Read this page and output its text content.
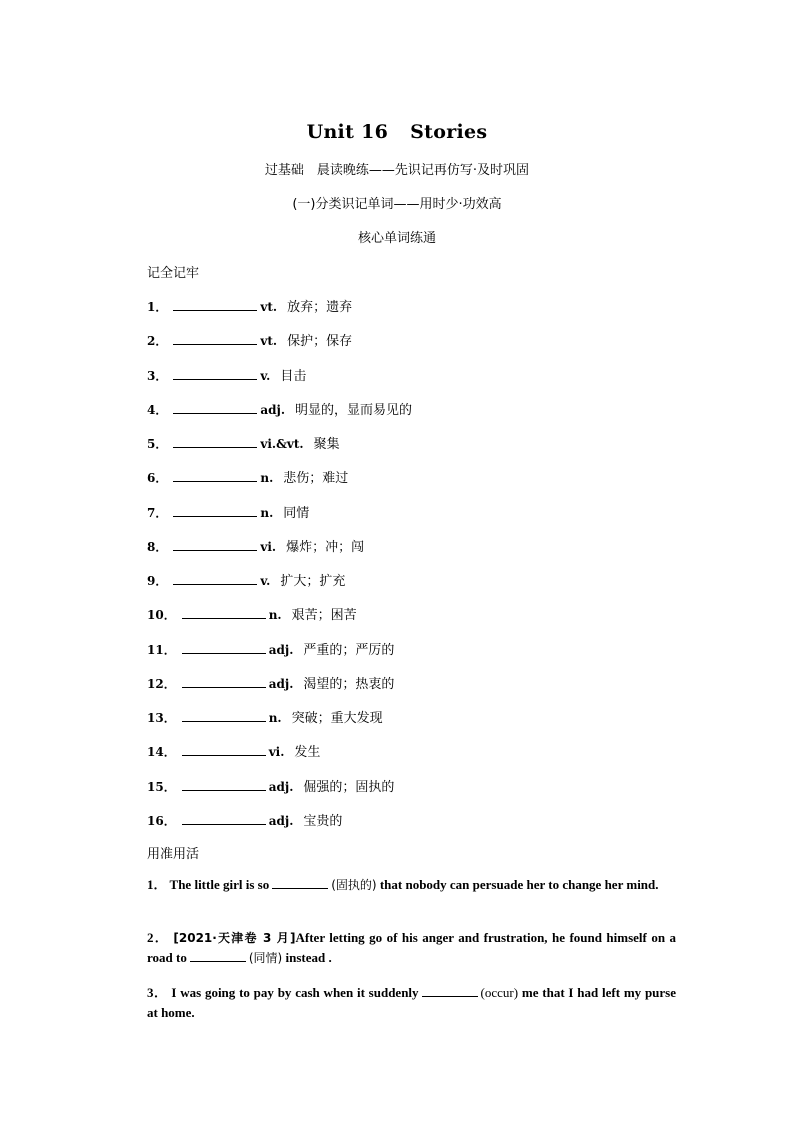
Unit 16 Stories
过基础　晨读晚练——先识记再仿写·及时巩固
(一)分类识记单词——用时少·功效高
核心单词练通
记全记牢
1．	vt. 放弃；遗弃
2．	vt. 保护；保存
3．	v. 目击
4．	adj. 明显的，显而易见的
5．	vi.&vt. 聚集
6．	n. 悲伤；难过
7．	n. 同情
8．	vi. 爆炸；冲；闯
9．	v. 扩大；扩充
10．	n. 艰苦；困苦
11．	adj. 严重的；严厉的
12．	adj. 渴望的；热衷的
13．	n. 突破；重大发现
14．	vi. 发生
15．	adj. 倔强的；固执的
16．	adj. 宝贵的
用准用活
1． The little girl is so	(固执的) that nobody can persuade her to change her mind.
2． [2021·天津卷 3 月]After letting go of his anger and frustration, he found himself on a road to	(同情) instead .
3． I was going to pay by cash when it suddenly	(occur) me that I had left my purse at home.
